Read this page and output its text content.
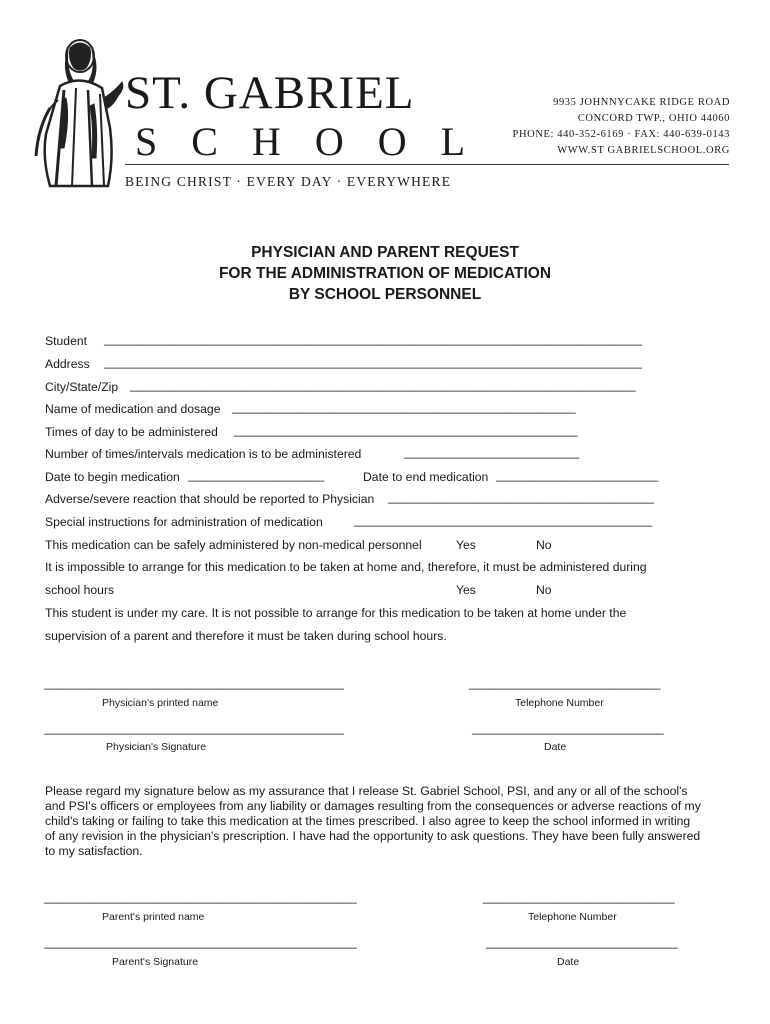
ST. GABRIEL
SCHOOL
BEING CHRIST · EVERY DAY · EVERYWHERE
9935 JOHNNYCAKE RIDGE ROAD
CONCORD TWP., OHIO 44060
PHONE: 440-352-6169 · FAX: 440-639-0143
WWW.ST GABRIELSCHOOL.ORG
PHYSICIAN AND PARENT REQUEST
FOR THE ADMINISTRATION OF MEDICATION
BY SCHOOL PERSONNEL
Student ___________________________________________________________________________________
Address ___________________________________________________________________________________
City/State/Zip ______________________________________________________________________________
Name of medication and dosage _____________________________________________________
Times of day to be administered _____________________________________________________
Number of times/intervals medication is to be administered	___________________________
Date to begin medication _____________________	Date to end medication _________________________
Adverse/severe reaction that should be reported to Physician _________________________________________
Special instructions for administration of medication	______________________________________________
This medication can be safely administered by non-medical personnel	Yes	No
It is impossible to arrange for this medication to be taken at home and, therefore, it must be administered during
school hours	Yes	No
This student is under my care. It is not possible to arrange for this medication to be taken at home under the
supervision of a parent and therefore it must be taken during school hours.
_______________________________________________	______________________________
Physician's printed name	Telephone Number
_______________________________________________	______________________________
Physician's Signature	Date
Please regard my signature below as my assurance that I release St. Gabriel School, PSI, and any or all of the school's
and PSI's officers or employees from any liability or damages resulting from the consequences or adverse reactions of my
child's taking or failing to take this medication at the times prescribed. I also agree to keep the school informed in writing
of any revision in the physician's prescription. I have had the opportunity to ask questions. They have been fully answered
to my satisfaction.
_________________________________________________	______________________________
Parent's printed name	Telephone Number
_________________________________________________	______________________________
Parent's Signature	Date
